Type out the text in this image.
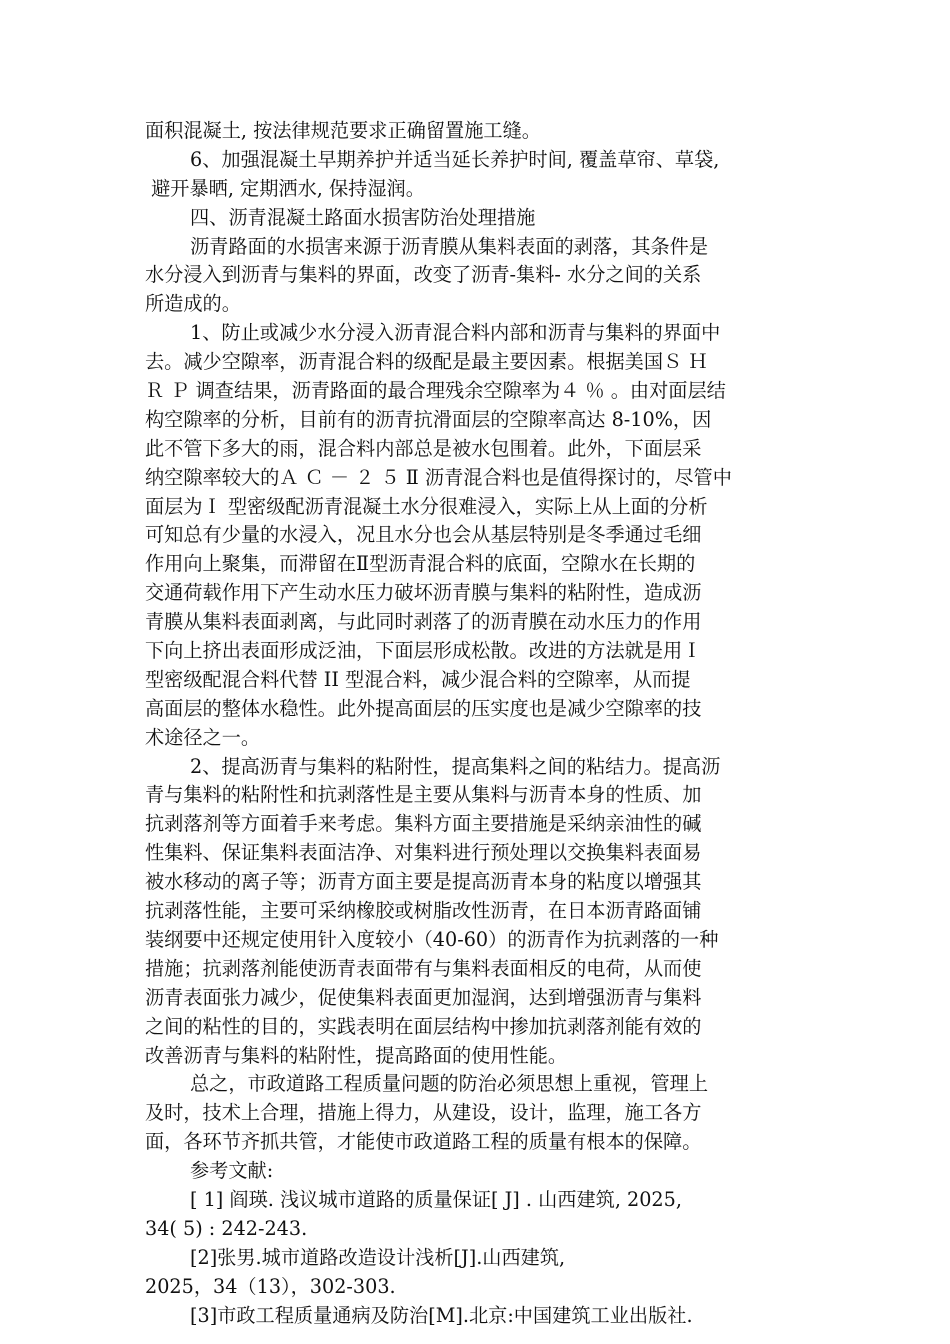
面积混凝土, 按法律规范要求正确留置施工缝。
6、加强混凝土早期养护并适当延长养护时间, 覆盖草帘、草袋,
避开暴晒, 定期洒水, 保持湿润。
四、沥青混凝土路面水损害防治处理措施
沥青路面的水损害来源于沥青膜从集料表面的剥落，其条件是
水分浸入到沥青与集料的界面，改变了沥青-集料- 水分之间的关系
所造成的。
1、防止或减少水分浸入沥青混合料内部和沥青与集料的界面中
去。减少空隙率，沥青混合料的级配是最主要因素。根据美国Ｓ Ｈ
Ｒ Ｐ 调查结果，沥青路面的最合理残余空隙率为４ ％ 。由对面层结
构空隙率的分析，目前有的沥青抗滑面层的空隙率高达 8-10%，因
此不管下多大的雨，混合料内部总是被水包围着。此外，下面层采
纳空隙率较大的Ａ Ｃ － ２ ５ Ⅱ 沥青混合料也是值得探讨的，尽管中
面层为Ｉ 型密级配沥青混凝土水分很难浸入，实际上从上面的分析
可知总有少量的水浸入，况且水分也会从基层特别是冬季通过毛细
作用向上聚集，而滞留在Ⅱ型沥青混合料的底面，空隙水在长期的
交通荷载作用下产生动水压力破坏沥青膜与集料的粘附性，造成沥
青膜从集料表面剥离，与此同时剥落了的沥青膜在动水压力的作用
下向上挤出表面形成泛油，下面层形成松散。改进的方法就是用Ｉ
型密级配混合料代替 II 型混合料，减少混合料的空隙率，从而提
高面层的整体水稳性。此外提高面层的压实度也是减少空隙率的技
术途径之一。
2、提高沥青与集料的粘附性，提高集料之间的粘结力。提高沥
青与集料的粘附性和抗剥落性是主要从集料与沥青本身的性质、加
抗剥落剂等方面着手来考虑。集料方面主要措施是采纳亲油性的碱
性集料、保证集料表面洁净、对集料进行预处理以交换集料表面易
被水移动的离子等；沥青方面主要是提高沥青本身的粘度以增强其
抗剥落性能，主要可采纳橡胶或树脂改性沥青，在日本沥青路面铺
装纲要中还规定使用针入度较小（40-60）的沥青作为抗剥落的一种
措施；抗剥落剂能使沥青表面带有与集料表面相反的电荷，从而使
沥青表面张力减少，促使集料表面更加湿润，达到增强沥青与集料
之间的粘性的目的，实践表明在面层结构中掺加抗剥落剂能有效的
改善沥青与集料的粘附性，提高路面的使用性能。
总之，市政道路工程质量问题的防治必须思想上重视，管理上
及时，技术上合理，措施上得力，从建设，设计，监理，施工各方
面，各环节齐抓共管，才能使市政道路工程的质量有根本的保障。
参考文献:
[ 1] 阎瑛. 浅议城市道路的质量保证[ J] . 山西建筑, 2025,
34( 5) : 242-243.
[2]张男.城市道路改造设计浅析[J].山西建筑,
2025，34（13），302-303.
[3]市政工程质量通病及防治[M].北京:中国建筑工业出版社.
